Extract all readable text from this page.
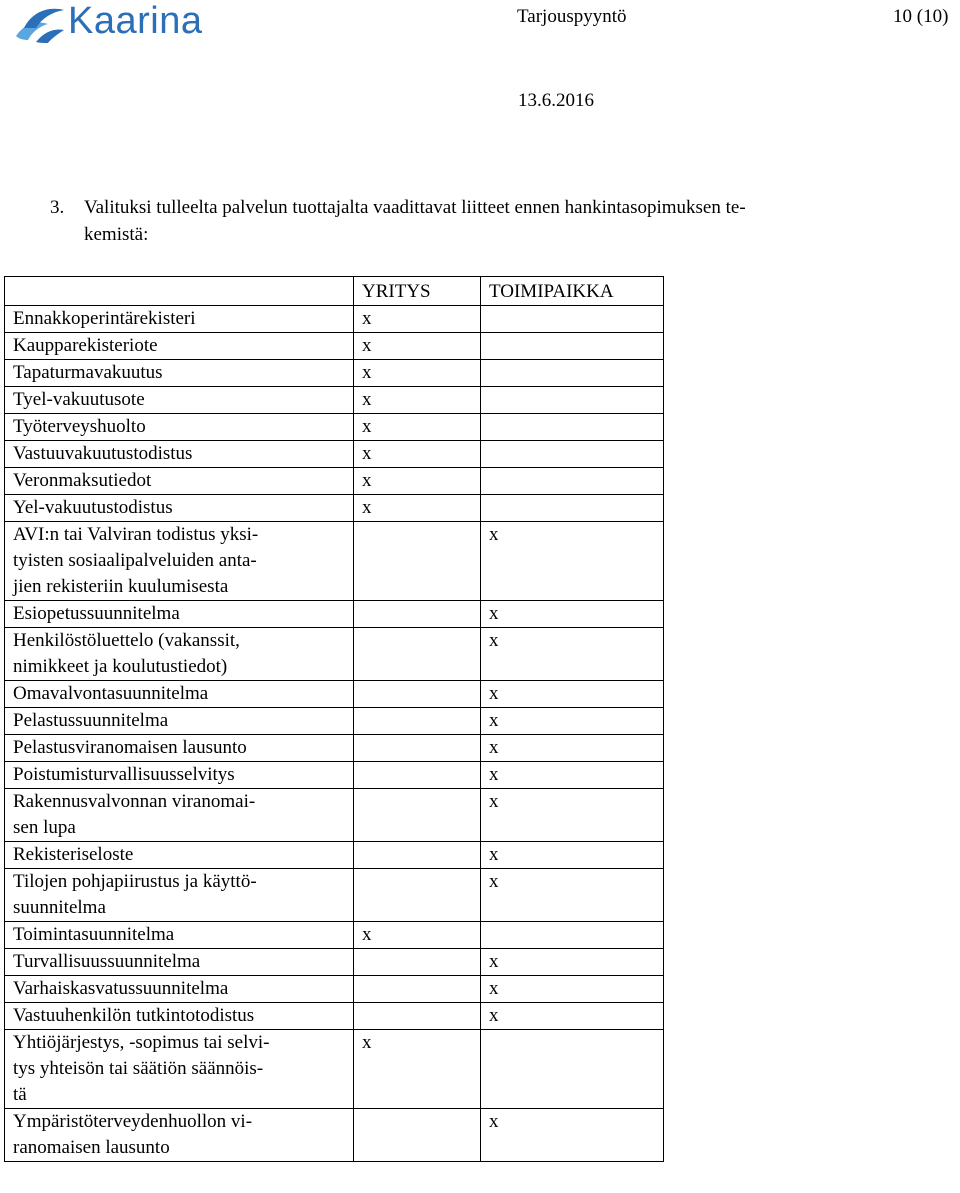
Kaarina	Tarjouspyyntö	10 (10)
13.6.2016
3. Valituksi tulleelta palvelun tuottajalta vaadittavat liitteet ennen hankintasopimuksen te-
kemistä:
	YRITYS	TOIMIPAIKKA

Ennakkoperintärekisteri	x	

Kaupparekisteriote	x	

Tapaturmavakuutus	x	

Tyel-vakuutusote	x	

Työterveyshuolto	x	

Vastuuvakuutustodistus	x	

Veronmaksutiedot	x	

Yel-vakuutustodistus	x	

AVI:n tai Valviran todistus yksi-
tyisten sosiaalipalveluiden anta-
jien rekisteriin kuulumisesta		x

Esiopetussuunnitelma		x

Henkilöstöluettelo (vakanssit,
nimikkeet ja koulutustiedot)		x

Omavalvontasuunnitelma		x

Pelastussuunnitelma		x

Pelastusviranomaisen lausunto		x

Poistumisturvallisuusselvitys		x

Rakennusvalvonnan viranomai-
sen lupa		x

Rekisteriseloste		x

Tilojen pohjapiirustus ja käyttö-
suunnitelma		x

Toimintasuunnitelma	x	

Turvallisuussuunnitelma		x

Varhaiskasvatussuunnitelma		x

Vastuuhenkilön tutkintotodistus		x

Yhtiöjärjestys, -sopimus tai selvi-
tys yhteisön tai säätiön säännöis-
tä	x	

Ympäristöterveydenhuollon vi-
ranomaisen lausunto		x
